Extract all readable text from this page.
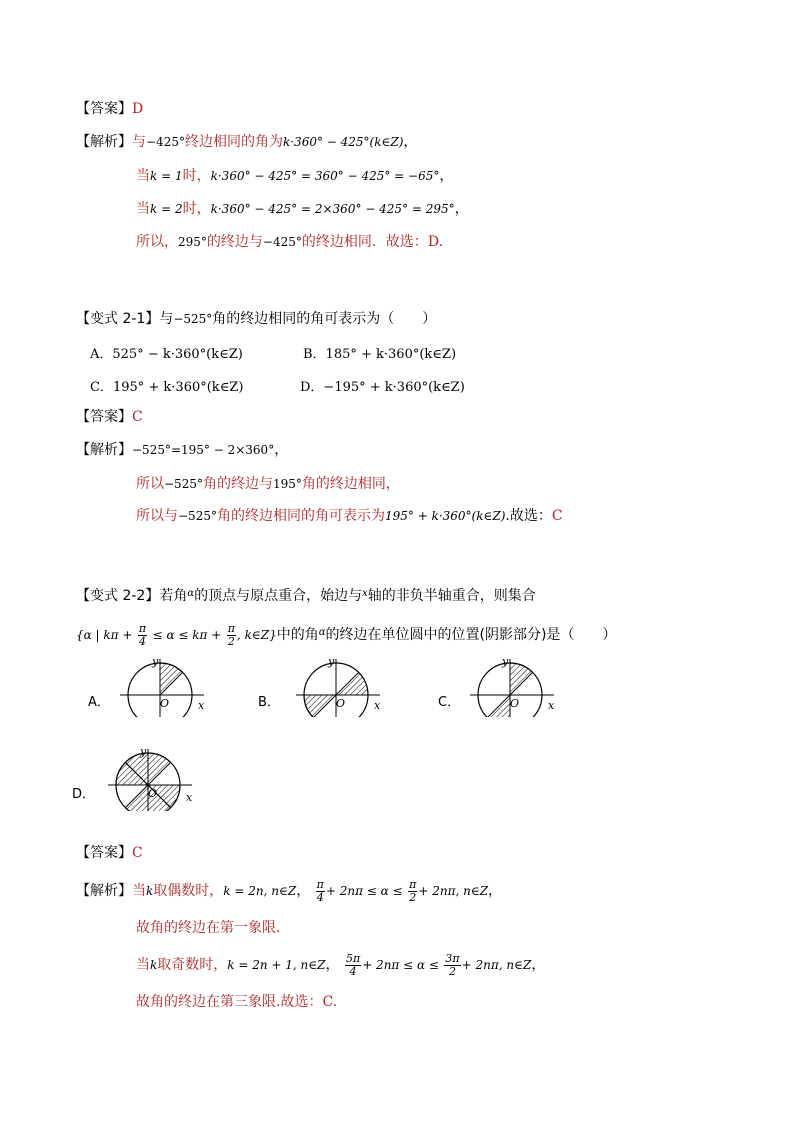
【答案】D
【解析】与−425°终边相同的角为k·360° − 425°(k∈Z)，
当k = 1时，k·360° − 425° = 360° − 425° = −65°，
当k = 2时，k·360° − 425° = 2×360° − 425° = 295°，
所以，295°的终边与−425°的终边相同．故选：D.
【变式 2-1】与−525°角的终边相同的角可表示为（　　）
A．525° − k·360°(k∈Z)	B．185° + k·360°(k∈Z)
C．195° + k·360°(k∈Z)	D．−195° + k·360°(k∈Z)
【答案】C
【解析】−525°=195° − 2×360°，
所以−525°角的终边与195°角的终边相同，
所以与−525°角的终边相同的角可表示为195° + k·360°(k∈Z).故选：C
【变式 2-2】若角$^\alpha$的顶点与原点重合，始边与$^x$轴的非负半轴重合，则集合
{α | $k\pi + \frac{\pi}{4} \le \alpha \le k\pi + \frac{\pi}{2}$ , k∈Z}中的角$^\alpha$的终边在单位圆中的位置(阴影部分)是（　　）
A．
y
x
O	B．
y
x
O	C．
y
x
O
D．
y
x
O
【答案】C
【解析】当k取偶数时，k = 2n, n∈Z， $\frac{\pi}{4} + 2n\pi \le \alpha \le \frac{\pi}{2} + 2n\pi$, n∈Z，
故角的终边在第一象限.
当k取奇数时，k = 2n + 1, n∈Z， $\frac{5\pi}{4} + 2n\pi \le \alpha \le \frac{3\pi}{2} + 2n\pi$, n∈Z，
故角的终边在第三象限.故选：C.
